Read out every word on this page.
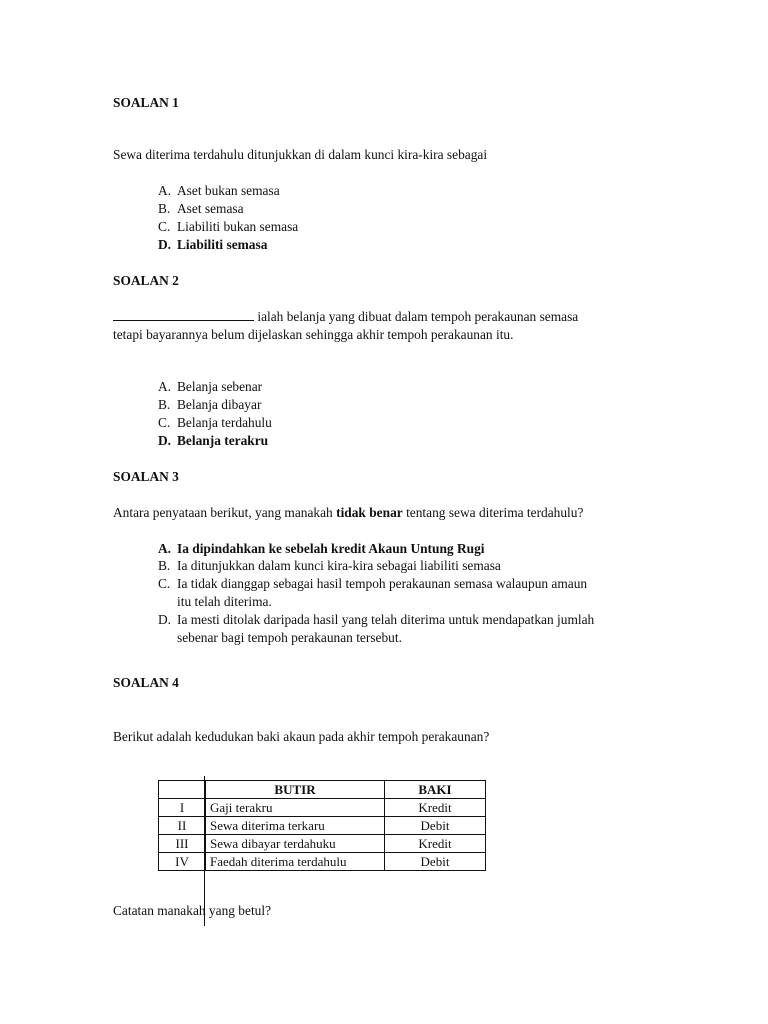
SOALAN 1
Sewa diterima terdahulu ditunjukkan di dalam kunci kira-kira sebagai
A. Aset bukan semasa
B. Aset semasa
C. Liabiliti bukan semasa
D. Liabiliti semasa
SOALAN 2
ialah belanja yang dibuat dalam tempoh perakaunan semasa
tetapi bayarannya belum dijelaskan sehingga akhir tempoh perakaunan itu.
A. Belanja sebenar
B. Belanja dibayar
C. Belanja terdahulu
D. Belanja terakru
SOALAN 3
Antara penyataan berikut, yang manakah tidak benar tentang sewa diterima terdahulu?
A. Ia dipindahkan ke sebelah kredit Akaun Untung Rugi
B. Ia ditunjukkan dalam kunci kira-kira sebagai liabiliti semasa
C. Ia tidak dianggap sebagai hasil tempoh perakaunan semasa walaupun amaun
itu telah diterima.
D. Ia mesti ditolak daripada hasil yang telah diterima untuk mendapatkan jumlah
sebenar bagi tempoh perakaunan tersebut.
SOALAN 4
Berikut adalah kedudukan baki akaun pada akhir tempoh perakaunan?
	BUTIR	BAKI
I	Gaji terakru	Kredit
II	Sewa diterima terkaru	Debit
III	Sewa dibayar terdahuku	Kredit
IV	Faedah diterima terdahulu	Debit
Catatan manakah yang betul?
